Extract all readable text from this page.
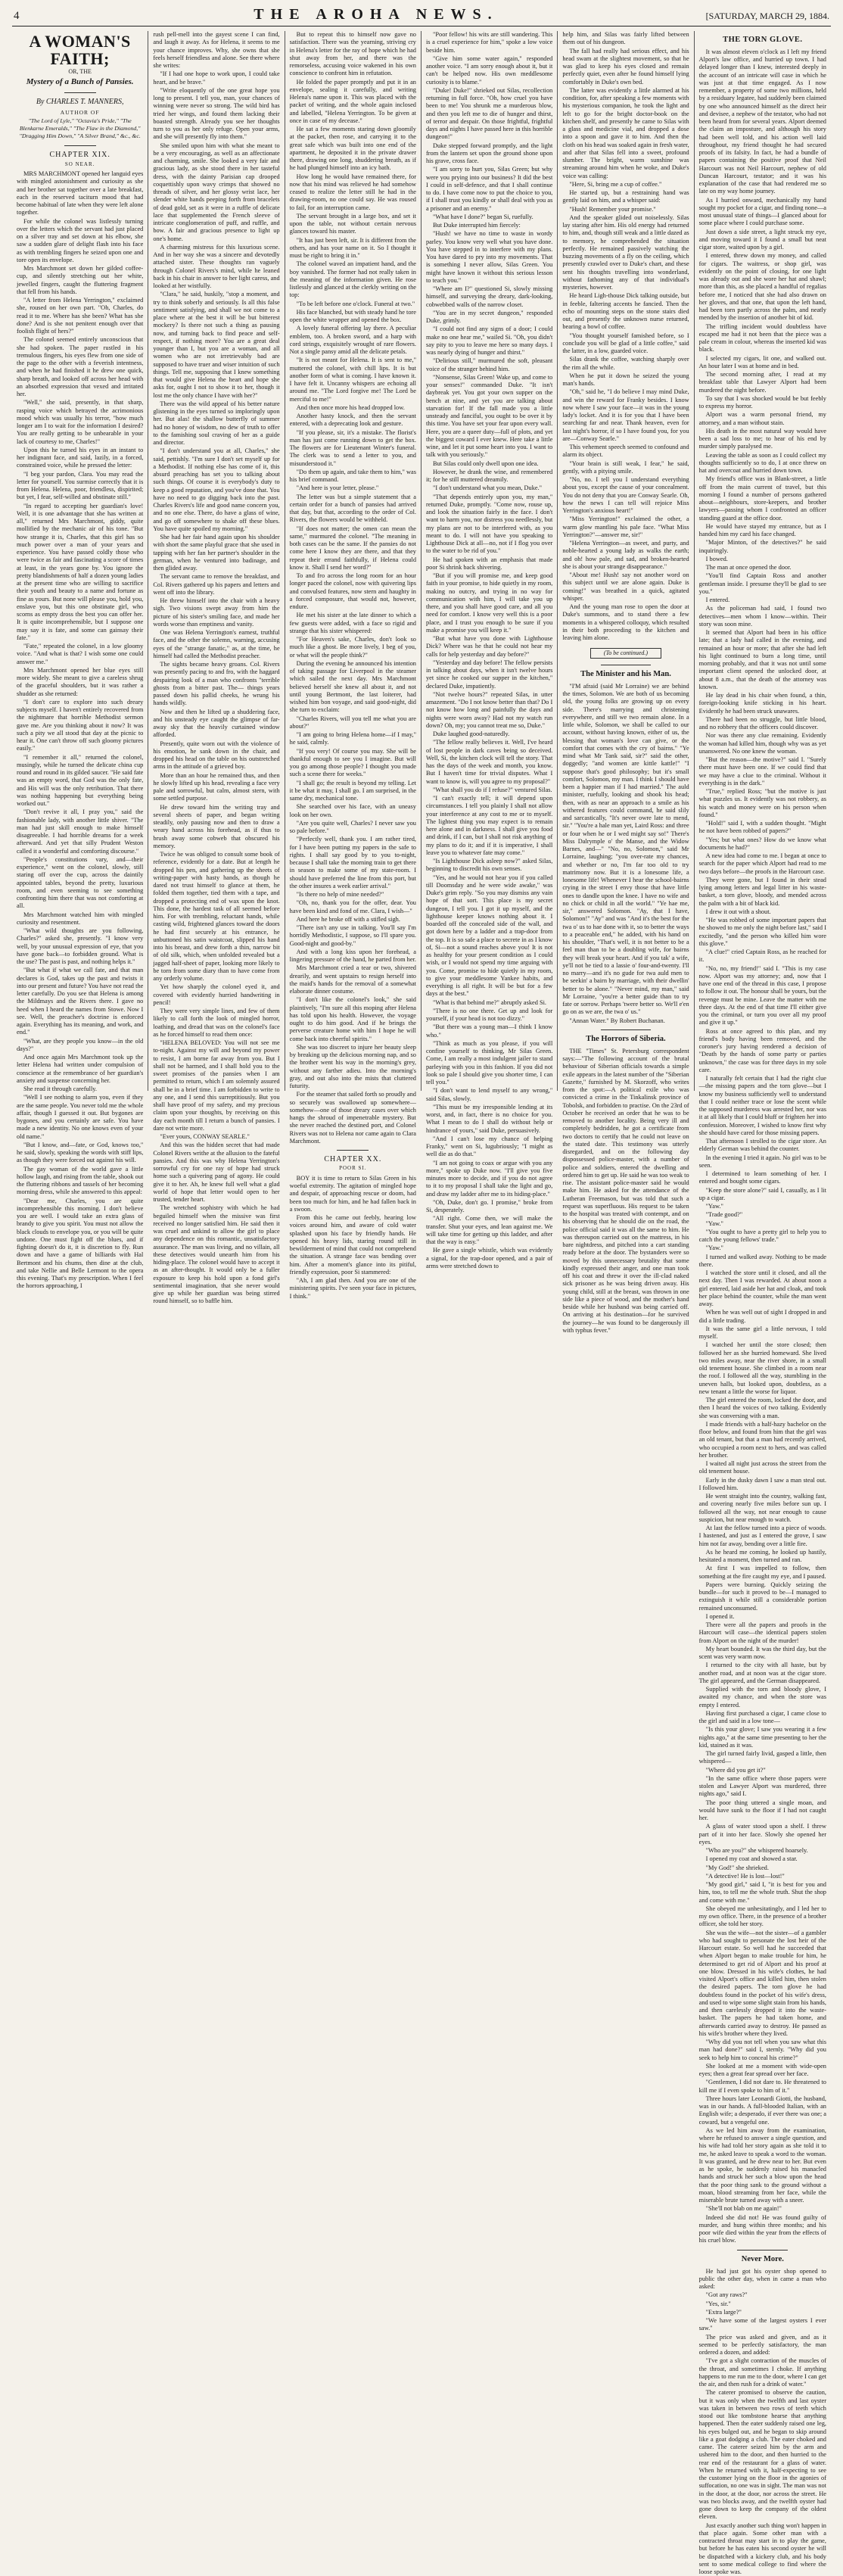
4	THE AROHA NEWS.	[SATURDAY, MARCH 29, 1884.
A WOMAN'S FAITH;
OR, THE
Mystery of a Bunch of Pansies.
By CHARLES T. MANNERS,
AUTHOR OF
"The Lord of Lyle," "Octavia's Pride," "The Blenkarne Emeralds," "The Flaw in the Diamond," "Dragging Him Down," "A Silver Brand," &c., &c.
CHAPTER XIX.
SO NEAR.

MRS MARCHMONT opened her languid eyes with mingled astonishment and curiosity as she and her brother sat together over a late breakfast, each in the reserved taciturn mood that had become habitual of late when they were left alone together.

For while the colonel was listlessly turning over the letters which the servant had just placed on a silver tray and set down at his elbow, she saw a sudden glare of delight flash into his face as with trembling fingers he seized upon one and tore open its envelope.

Mrs Marchmont set down her gilded coffee-cup, and silently stretching out her white, jewelled fingers, caught the fluttering fragment that fell from his hands.

"A letter from Helena Yerrington," exclaimed she, roused on her own part. "Oh, Charles, do read it to me. Where has she been? What has she done? And is she not penitent enough over that foolish flight of hers?"

The colonel seemed entirely unconscious that she had spoken. The paper rustled in his tremulous fingers, his eyes flew from one side of the page to the other with a feverish intentness, and when he had finished it he drew one quick, sharp breath, and looked off across her head with an absorbed expression that vexed and irritated her.

"Well," she said, presently, in that sharp, rasping voice which betrayed the acrimonious mood which was usually his terror, "how much longer am I to wait for the information I desired? You are really getting to be unbearable in your lack of courtesy to me, Charles!"

Upon this he turned his eyes in an instant to her indignant face, and said, lazily, in a forced, constrained voice, while he pressed the letter:

"I beg your pardon, Clara. You may read the letter for yourself. You surmise correctly that it is from Helena. Helena, poor, friendless, dispirited; but yet, I fear, self-willed and obstinate still."

"In regard to accepting her guardian's love! Well, it is one advantage that she has written at all," returned Mrs Marchmont, giddy, quite mollified by the mechanic air of his tone. "But how strange it is, Charles, that this girl has so much power over a man of your years and experience. You have passed coldly those who were twice as fair and fascinating a score of times at least, in the years gone by. You ignore the pretty blandishments of half a dozen young ladies at the present time who are willing to sacrifice their youth and beauty to a name and fortune as fine as yours. But none will please you, hold you, enslave you, but this one obstinate girl, who scorns as empty dross the best you can offer her. It is quite incomprehensible, but I suppose one may say it is fate, and some can gainsay their fate."

"Fate," repeated the colonel, in a low gloomy voice. "And what is that? I wish some one could answer me."

Mrs Marchmont opened her blue eyes still more widely. She meant to give a careless shrug of the graceful shoulders, but it was rather a shudder as she returned:

"I don't care to explore into such dreary subjects myself. I haven't entirely recovered from the nightmare that horrible Methodist sermon gave me. Are you thinking about it now? It was such a pity we all stood that day at the picnic to hear it. One can't throw off such gloomy pictures easily."

"I remember it all," returned the colonel, musingly, while he turned the delicate china cup round and round in its gilded saucer. "He said fate was an empty word, that God was the only fate, and His will was the only retribution. That there was nothing happening but everything being worked out."

"Don't revive it all, I pray you," said the fashionable lady, with another little shiver. "The man had just skill enough to make himself disagreeable. I had horrible dreams for a week afterward. And yet that silly Prudent Weston called it a wonderful and comforting discourse."

"People's constitutions vary, and—their experience," went on the colonel, slowly, still staring off over the cup, across the daintily appointed tables, beyond the pretty, luxurious room, and even seeming to see something confronting him there that was not comforting at all.

Mrs Marchmont watched him with mingled curiosity and resentment.

"What wild thoughts are you following, Charles?" asked she, presently. "I know very well, by your unusual expression of eye, that you have gone back—to forbidden ground. What is the use? The past is past, and nothing helps it."

"But what if what we call fate, and that man declares is God, takes up the past and twists it into our present and future? You have not read the letter carefully. Do you see that Helena is among the Mildmays and the Rivers there. I gave no heed when I heard the names from Stowe. Now I see. Well, the preacher's doctrine is enforced again. Everything has its meaning, and work, and end."

"What, are they people you know—in the old days?"

And once again Mrs Marchmont took up the letter Helena had written under compulsion of conscience at the remembrance of her guardian's anxiety and suspense concerning her.

She read it through carefully.

"Well I see nothing to alarm you, even if they are the same people. You never told me the whole affair, though I guessed it out. But bygones are bygones, and you certainly are safe. You have made a new identity. No one knows even of your old name."

"But I know, and—fate, or God, knows too," he said, slowly, speaking the words with stiff lips, as though they were forced out against his will.

The gay woman of the world gave a little hollow laugh, and rising from the table, shook out the fluttering ribbons and tassels of her becoming morning dress, while she answered to this appeal:

"Dear me, Charles, you are quite incomprehensible this morning. I don't believe you are well. I would take an extra glass of brandy to give you spirit. You must not allow the black clouds to envelope you, or you will be quite undone. One must fight off the blues, and if fighting doesn't do it, it is discretion to fly. Run down and have a game of billiards with Hal Bertmont and his chums, then dine at the club, and take Nellie and Belle Lermont to the opera this evening. That's my prescription. When I feel the horrors approaching, I

rush pell-mell into the gayest scene I can find, and laugh it away. As for Helena, it seems to me your chance improves. Why, she owns that she feels herself friendless and alone. See there where she writes:

"If I had one hope to work upon, I could take heart, and be brave."

"Write eloquently of the one great hope you long to present. I tell you, man, your chances of winning were never so strong. The wild bird has tried her wings, and found them lacking their boasted strength. Already you see her thoughts turn to you as her only refuge. Open your arms, and she will presently fly into them."

She smiled upon him with what she meant to be a very encouraging, as well as an affectionate and charming, smile. She looked a very fair and gracious lady, as she stood there in her tasteful dress, with the dainty Parisian cap drooped coquettishly upon wavy crimps that showed no threads of silver, and her glossy wrist lace, her slender white hands peeping forth from bracelets of dead gold, set as it were in a ruffle of delicate lace that supplemented the French sleeve of intricate conglomeration of puff, and ruffle, and bow. A fair and gracious presence to light up one's home.

A charming mistress for this luxurious scene. And in her way she was a sincere and devotedly attached sister. These thoughts ran vaguely through Colonel Rivers's mind, while he leaned back in his chair in answer to her light caress, and looked at her wistfully.

"Clara," he said, huskily, "stop a moment, and try to think soberly and seriously. Is all this false sentiment satisfying, and shall we not come to a place where at the best it will be but bitterest mockery? Is there not such a thing as pausing now, and turning back to find peace and self-respect, if nothing more? You are a great deal younger than I, but you are a woman, and all women who are not irretrievably bad are supposed to have truer and wiser intuition of such things. Tell me, supposing that I knew something that would give Helena the heart and hope she asks for, ought I not to show it to her, though it lost me the only chance I have with her?"

There was the wild appeal of his better nature glistening in the eyes turned so imploringly upon her. But alas! the shallow butterfly of summer had no honey of wisdom, no dew of truth to offer to the famishing soul craving of her as a guide and director.

"I don't understand you at all, Charles," she said, pettishly. "I'm sure I don't set myself up for a Methodist. If nothing else has come of it, this absurd preaching has set you to talking about such things. Of course it is everybody's duty to keep a good reputation, and you've done that. You have no need to go digging back into the past. Charles Rivers's life and good name concern you, and no one else. There, do have a glass of wine, and go off somewhere to shake off these blues. You have quite spoiled my morning."

She had her fair hand again upon his shoulder with short the same playful grace that she used in tapping with her fan her partner's shoulder in the german, when he ventured into badinage, and then glided away.

The servant came to remove the breakfast, and Col. Rivers gathered up his papers and letters and went off into the library.

He threw himself into the chair with a heavy sigh. Two visions swept away from him the picture of his sister's smiling face, and made her words worse than emptiness and vanity.

One was Helena Yerrington's earnest, truthful face, and the other the solemn, warning, accusing eyes of the "strange fanatic," as, at the time, he himself had called the Methodist preacher.

The sights became heavy groans. Col. Rivers was presently pacing to and fro, with the haggard despairing look of a man who confronts "terrible ghosts from a bitter past. The— things years passed down his pallid cheeks, he wrung his hands wildly.

Now and then he lifted up a shuddering face, and his unsteady eye caught the glimpse of far-away sky that the heavily curtained window afforded.

Presently, quite worn out with the violence of his emotion, he sank down in the chair, and dropped his head on the table on his outstretched arms in the attitude of a grieved boy.

More than an hour he remained thus, and then he slowly lifted up his head, revealing a face very pale and sorrowful, but calm, almost stern, with some settled purpose.

He drew toward him the writing tray and several sheets of paper, and began writing steadily, only pausing now and then to draw a weary hand across his forehead, as if thus to brush away some cobweb that obscured his memory.

Twice he was obliged to consult some book of reference, evidently for a date. But at length he dropped his pen, and gathering up the sheets of writing-paper with hasty hands, as though he dared not trust himself to glance at them, he folded them together, tied them with a tape, and dropped a protecting end of wax upon the knot. This done, the hardest task of all seemed before him. For with trembling, reluctant hands, while casting wild, frightened glances toward the doors he had first securely at his entrance, he unbuttoned his satin waistcoat, slipped his hand into his breast, and drew forth a thin, narrow bit of old silk, which, when unfolded revealed but a jagged half-sheet of paper, looking more likely to be torn from some diary than to have come from any orderly volume.

Yet how sharply the colonel eyed it, and covered with evidently hurried handwriting in pencil!

They were very simple lines, and few of them likely to call forth the look of mingled horror, loathing, and dread that was on the colonel's face as he forced himself to read them once:

"HELENA BELOVED: You will not see me to-night. Against my will and beyond my power to resist, I am borne far away from you. But I shall not be harmed, and I shall hold you to the sweet promises of the pansies when I am permitted to return, which I am solemnly assured shall be in a brief time. I am forbidden to write to any one, and I send this surreptitiously. But you shall have proof of my safety, and my precious claim upon your thoughts, by receiving on this day each month till I return a bunch of pansies. I dare not write more.

"Ever yours, CONWAY SEARLE."

And this was the hidden secret that had made Colonel Rivers writhe at the allusion to the fateful pansies. And this was why Helena Yerrington's sorrowful cry for one ray of hope had struck home such a quivering pang of agony. He could give it to her. Ah, he knew full well what a glad world of hope that letter would open to her trusted, tender heart.

The wretched sophistry with which he had beguiled himself when the missive was first received no longer satisfied him. He said then it was cruel and unkind to allow the girl to place any dependence on this romantic, unsatisfactory assurance. The man was living, and no villain, all these detectives would unearth him from his hiding-place. The colonel would have to accept it as an after-thought. It would only be a fuller exposure to keep his hold upon a fond girl's sentimental imagination, that she never would give up while her guardian was being stirred round himself, so to baffle him.

But to repeat this to himself now gave no satisfaction. There was the yearning, striving cry in Helena's letter for the ray of hope which he had shut away from her, and there was the remorseless, accusing voice wakened in his own conscience to confront him in refutation.

He folded the paper promptly and put it in an envelope, sealing it carefully, and writing Helena's name upon it. This was placed with the packet of writing, and the whole again inclosed and labelled, "Helena Yerrington. To be given at once in case of my decease."

He sat a few moments staring down gloomily at the packet, then rose, and carrying it to the great safe which was built into one end of the apartment, he deposited it in the private drawer there, drawing one long, shuddering breath, as if he had plunged himself into an icy bath.

How long he would have remained there, for now that his mind was relieved he had somehow ceased to realize the letter still he had in the drawing-room, no one could say. He was roused to fail, for an interruption came.

The servant brought in a large box, and set it upon the table, not without certain nervous glances toward his master.

"It has just been left, sir. It is different from the others, and has your name on it. So I thought it must be right to bring it in."

The colonel waved an impatient hand, and the boy vanished. The former had not really taken in the meaning of the information given. He rose listlessly and glanced at the clerkly writing on the top:

"To be left before one o'clock. Funeral at two."

His face blanched, but with steady hand he tore open the white wrapper and opened the box.

A lovely funeral offering lay there. A peculiar emblem, too. A broken sword, and a harp with cord strings, exquisitely wrought of rare flowers. Not a single pansy amid all the delicate petals.

"It is not meant for Helena. It is sent to me," muttered the colonel, with chill lips. It is but another form of what is coming. I have known it. I have felt it. Uncanny whispers are echoing all around me. "The Lord forgive me! The Lord be merciful to me!"

And then once more his head dropped low.

Another hasty knock, and then the servant entered, with a deprecating look and gesture.

"If you please, sir, it's a mistake. The florist's man has just come running down to get the box. The flowers are for Lieutenant Winter's funeral. The clerk was to send a letter to you, and misunderstood it."

"Do them up again, and take them to him," was his brief command.

"And here is your letter, please."

The letter was but a simple statement that a certain order for a bunch of pansies had arrived that day, but that, according to the order of Col. Rivers, the flowers would be withheld.

"If does not matter; the omen can mean the same," murmured the colonel. "The meaning in both cases can be the same. If the pansies do not come here I know they are there, and that they repeat their errand faithfully, if Helena could know it. Shall I send her word?"

To and fro across the long room for an hour longer paced the colonel, now with quivering lips and convulsed features, now stern and haughty in a forced composure, that would not, however, endure.

He met his sister at the late dinner to which a few guests were added, with a face so rigid and strange that his sister whispered:

"For Heaven's sake, Charles, don't look so much like a ghost. Be more lively, I beg of you, or what will the people think?"

During the evening he announced his intention of taking passage for Liverpool in the steamer which sailed the next day. Mrs Marchmont believed herself she knew all about it, and not until young Bertmont, the last loiterer, had wished him bon voyage, and said good-night, did she turn to exclaim:

"Charles Rivers, will you tell me what you are about?"

"I am going to bring Helena home—if I may," he said, calmly.

"If you very! Of course you may. She will be thankful enough to see you I imagine. But will you go among those people? I thought you made such a scene there for weeks."

"I shall go; the result is beyond my telling. Let it be what it may, I shall go. I am surprised, in the same dry, mechanical tone.

She searched over his face, with an uneasy look on her own.

"Are you quite well, Charles? I never saw you so pale before."

"Perfectly well, thank you. I am rather tired, for I have been putting my papers in the safe to rights. I shall say good by to you to-night, because I shall take the morning train to get there in season to make some of my state-room. I should have preferred the line from this port, but the other insures a week earlier arrival."

"Is there no help of mine needed?"

"Oh, no, thank you for the offer, dear. You have been kind and fond of me. Clara, I wish—"

And here he broke off with a stifled sigh.

"There isn't any use in talking. You'll say I'm horridly Methodistic, I suppose, so I'll spare you. Good-night and good-by."

And with a long kiss upon her forehead, a lingering pressure of the hand, he parted from her.

Mrs Marchmont cried a tear or two, shivered drearily, and went upstairs to resign herself into the maid's hands for the removal of a somewhat elaborate dinner costume.

"I don't like the colonel's look," she said plaintively, "I'm sure all this moping after Helena has told upon his health. However, the voyage ought to do him good. And if he brings the perverse creature home with him I hope he will come back into cheerful spirits."

She was too discreet to injure her beauty sleep by breaking up the delicious morning nap, and so the brother went his way in the morning's grey, without any farther adieu. Into the morning's gray, and out also into the mists that cluttered futurity.

For the steamer that sailed forth so proudly and so securely was swallowed up somewhere—somehow—one of those dreary cases over which hangs the shroud of impenetrable mystery. But she never reached the destined port, and Colonel Rivers was not to Helena nor came again to Clara Marchmont.

CHAPTER XX.
POOR SI.

BOY it is time to return to Silas Green in his woeful extremity. The agitation of mingled hope and despair, of approaching rescue or doom, had been too much for him, and he had fallen back in a swoon.

From this he came out feebly, hearing low voices around him, and aware of cold water splashed upon his face by friendly hands. He opened his heavy lids, staring round still in bewilderment of mind that could not comprehend the situation. A strange face was bending over him. After a moment's glance into its pitiful, friendly expression, poor Si stammered:

"Ah, I am glad then. And you are one of the ministering spirits. I've seen your face in pictures, I think."

"Poor fellow! his wits are still wandering. This is a cruel experience for him," spoke a low voice beside him.

"Give him some water again," responded another voice. "I am sorry enough about it, but it can't be helped now. His own meddlesome curiosity is to blame."

"Duke! Duke!" shrieked out Silas, recollection returning in full force. "Oh, how cruel you have been to me! You shrunk me a murderous blow, and then you left me to die of hunger and thirst, of terror and despair. On those frightful, frightful days and nights I have passed here in this horrible dungeon!"

Duke stepped forward promptly, and the light from the lantern set upon the ground shone upon his grave, cross face.

"I am sorry to hurt you, Silas Green; but why were you prying into our business? It did the best I could in self-defence, and that I shall continue to do. I have come now to put the choice to you, if I shall trust you kindly or shall deal with you as a prisoner and an enemy."

"What have I done?" began Si, ruefully.

But Duke interrupted him fiercely:

"Hush! we have no time to waste in wordy parley. You know very well what you have done. You have stepped in to interfere with my plans. You have dared to pry into my movements. That is something I never allow, Silas Green. You might have known it without this serious lesson to teach you."

"Where am I?" questioned Si, slowly missing himself, and surveying the dreary, dark-looking, cobwebbed walls of the narrow closet.

"You are in my secret dungeon," responded Duke, grimly.

"I could not find any signs of a door; I could make no one hear me," wailed Si. "Oh, you didn't say pity to you to leave me here so many days. I was nearly dying of hunger and thirst."

"Delirious still," murmured the soft, pleasant voice of the stranger behind him.

"Nonsense, Silas Green! Wake up, and come to your senses!" commanded Duke. "It isn't daybreak yet. You got your own supper on the bench at nine, and yet you are talking about starvation for! If the fall made you a little unsteady and fanciful, you ought to be over it by this time. You have set your fear upon every wall. Here, you are a queer duty—full of plots, and yet the biggest coward I ever knew. Here take a little wine, and let it put some heart into you. I want to talk with you seriously."

But Silas could only dwell upon one idea.

However, he drank the wine, and remembered it; for he still muttered dreamily.

"I don't understand what you mean, Duke."

"That depends entirely upon you, my man," returned Duke, promptly. "Come now, rouse up, and look the situation fairly in the face. I don't want to harm you, nor distress you needlessly, but my plans are not to be interfered with, as you meant to do. I will not have you speaking to Lighthouse Dick at all—no, not if I flog you over to the water to be rid of you."

He had spoken with an emphasis that made poor Si shrink back shivering.

"But if you will promise me, and keep good faith in your promise, to hide quietly in my room, making no outcry, and trying in no way for communication with him, I will take you up there, and you shall have good care, and all you need for comfort. I know very well this is a poor place, and I trust you enough to be sure if you make a promise you will keep it."

"But what have you done with Lighthouse Dick? Where was he that he could not hear my calls for help yesterday and day before?"

"Yesterday and day before! The fellow persists in talking about days, when it isn't twelve hours yet since he cooked our supper in the kitchen," declared Duke, impatiently.

"Not twelve hours?" repeated Silas, in utter amazement. "Do I not know better than that? Do I not know how long and painfully the days and nights were worn away? Had not my watch run down? Oh, my; you cannot treat me so, Duke."

Duke laughed good-naturedly.

"The fellow really believes it. Well, I've heard of lost people in dark caves being so deceived. Well, Si, the kitchen clock will tell the story. That has the days of the week and month, you know. But I haven't time for trivial disputes. What I want to know is, will you agree to my proposal?"

"What shall you do if I refuse?" ventured Silas.

"I can't exactly tell; it will depend upon circumstances. I tell you plainly I shall not allow your interference at any cost to me or to myself. The lightest thing you may expect is to remain here alone and in darkness. I shall give you food and drink, if I can, but I shall not risk anything of my plans to do it; and if it is imperative, I shall leave you to whatever fate may come."

"Is Lighthouse Dick asleep now?" asked Silas, beginning to discredit his own senses.

"Yes, and he would not hear you if you called till Doomsday and he were wide awake," was Duke's grim reply. "So you may dismiss any vain hope of that sort. This place is my secret dungeon, I tell you. I got it up myself, and the lighthouse keeper knows nothing about it. I boarded off the concealed side of the wall, and got down here by a ladder and a trap-door from the top. It is so safe a place to secrete in as I know of, Si—not a sound reaches above you! It is not as healthy for your present condition as I could wish, or I would not spend my time arguing with you. Come, promise to hide quietly in my room, to give your meddlesome Yankee habits, and everything is all right. It will be but for a few days at the best."

"What is that behind me?" abruptly asked Si.

"There is no one there. Get up and look for yourself, if your head is not too dizzy."

"But there was a young man—I think I know who."

"Think as much as you please, if you will confine yourself to thinking, Mr Silas Green. Come, I am really a most indulgent jailer to stand parleying with you in this fashion. If you did not look so pale I should give you shorter time, I can tell you."

"I don't want to lend myself to any wrong," said Silas, slowly.

"This must be my irresponsible lending at its worst, and, in fact, there is no choice for you. What I mean to do I shall do without help or hindrance of yours," said Duke, persuasively.

"And I can't lose my chance of helping Franky," went on Si, lugubriously; "I might as well die as do that."

"I am not going to coax or argue with you any more," spoke up Duke now. "I'll give you five minutes more to decide, and if you do not agree to it to my proposal I shall take the light and go, and draw my ladder after me to its hiding-place."

"Oh, Duke, don't go. I promise," broke from Si, desperately.

"All right. Come then, we will make the transfer. Shut your eyes, and lean against me. We will take time for getting up this ladder, and after that the way is easy."

He gave a single whistle, which was evidently a signal, for the trap-door opened, and a pair of arms were stretched down to

help him, and Silas was fairly lifted between them out of his dungeon.

The fall had really had serious effect, and his head swam at the slightest movement, so that he was glad to keep his eyes closed and remain perfectly quiet, even after he found himself lying comfortably in Duke's own bed.

The latter was evidently a little alarmed at his condition, for, after speaking a few moments with his mysterious companion, he took the light and left to go for the bright doctor-book on the kitchen shelf, and presently he came to Silas with a glass and medicine vial, and dropped a dose into a spoon and gave it to him. And then the cloth on his head was soaked again in fresh water, and after that Silas fell into a sweet, profound slumber. The bright, warm sunshine was streaming around him when he woke, and Duke's voice was calling:

"Here, Si, bring me a cup of coffee."

He started up, but a restraining hand was gently laid on him, and a whisper said:

"Hush! Remember your promise."

And the speaker glided out noiselessly. Silas lay staring after him. His old energy had returned to him, and, though still weak and a little dazed as to memory, he comprehended the situation perfectly. He remained passively watching the buzzing movements of a fly on the ceiling, which presently crawled over to Duke's chart, and these sent his thoughts travelling into wonderland, without fathoming any of that individual's mysteries, however.

He heard Ligh-thouse Dick talking outside, but in feeble, faltering accents he fancied. Then the echo of mounting steps on the stone stairs died out, and presently the unknown nurse returned, bearing a bowl of coffee.

"You thought yourself famished before, so I conclude you will be glad of a little coffee," said the latter, in a low, guarded voice.

Silas drank the coffee, watching sharply over the rim all the while.

When he put it down he seized the young man's hands.

"Oh," said he, "I do believe I may mind Duke, and win the reward for Franky besides. I know now where I saw your face—it was in the young lady's locket. And it is for you that I have been searching far and near. Thank heaven, even for last night's horror, if so I have found you, for you are—Conway Searle."

This vehement speech seemed to confound and alarm its object.

"Your brain is still weak, I fear," he said, gently, with a pitying smile.

"No, no. I tell you I understand everything about you, except the cause of your concealment. You do not deny that you are Conway Searle. Oh, how the news I can tell will rejoice Miss Yerrington's anxious heart!"

"Miss Yerrington!" exclaimed the other, a warm glow mantling his pale face. "What Miss Yerrington?"—answer me, sir!"

"Helena Yerrington—as sweet, and purty, and noble-hearted a young lady as walks the earth; and oh! how pale, and sad, and broken-hearted she is about your strange disappearance."

"About me! Hush! say not another word on this subject until we are alone again. Duke is coming!" was breathed in a quick, agitated whisper.

And the young man rose to open the door at Duke's summons, and to stand there a few moments in a whispered colloquy, which resulted in their both proceeding to the kitchen and leaving him alone.

(To be continued.)
The Minister and his Man.

"I'M afraid (said Mr Lorraine) we are behind the times, Solomon. We are both of us becoming old, the young folks are growing up on every side. There's marrying and christening everywhere, and still we two remain alone. In a little while, Solomon, we shall be called to our account, without having known, either of us, the blessing that woman's love can give, or the comfort that comes with the cry of bairns." "Ye mind what Mr Tank said, sir?" said the other, doggedly; "and women are kittle kattle!" "I suppose that's good philosophy; but it's small comfort, Solomon, my man. I think I should have been a happier man if I had married." The auld minister, ruefully, looking and shook his head; then, with as near an approach to a smile as his withered features could command, he said slily and sarcastically, "It's never owre late to mend, sir." "You're a hale man yet, Laird Ross: and three or four when he or I wed might say so!" There's Miss Dalrymple o' the Manse, and the Widow Barnes, and—" "No, no, Solomon," said Mr Lorraine, laughing; "you over-rate my chances, and whether or no, I'm far too old to try matrimony now. But it is a lonesome life, a lonesome life! Whenever I hear the school-bairns crying in the street I envy those that have little ones to dandle upon the knee. I have no wife and no chick or child in all the world." "Ye hae me, sir," answered Solomon. "Ay, that I have, Solomon!" "Ay" and was "And it's the best for the twa o' us to hae done with it, so to better the ways to a peaceable end," he added, with his hand on his shoulder, "That's well, it is not better to be a feel man than to be a doubling wife, for bairns they will break your heart. And if you tak' a wife, ye'll not be tied to a lassie o' four-and-twenty. I'll no marry—and it's no gude for twa auld men to be seekin' a bairn by marriage, with their dwellin' better to be alone." "Never mind, my man," said Mr Lorraine, "you're a better guide than to try fate or sorrow. Perhaps 'twere better so. We'll e'en go on as we are, the twa o' us."

"Annan Water." By Robert Buchanan.

The Horrors of Siberia.

THE "Times" St. Petersburg correspondent says:—"The following account of the brutal behaviour of Siberian officials towards a simple exile appears in the latest number of the "Siberian Gazette," furnished by M. Skorzoff, who writes from the spot:—A political exile who was convicted a crime in the Tinkalinsk province of Tobolsk, and forbidden to practise. On the 23rd of October he received an order that he was to be removed to another locality. Being very ill and completely bedridden, he got a certificate from two doctors to certify that he could not leave on the stated date. This testimony was utterly disregarded, and on the following day dispossessed police-master, with a number of police and soldiers, entered the dwelling and ordered him to get up. He said he was too weak to rise. The assistant police-master said he would make him. He asked for the attendance of the Lutheran Freemason, but was told that such a request was superfluous. His request to be taken to the hospital was treated with contempt, and on his observing that he should die on the road, the police official said it was all the same to him. He was thereupon carried out on the mattress, in his bare nightdress, and pitched into a cart standing ready before at the door. The bystanders were so moved by this unnecessary brutality that some kindly expressed their anger, and one man took off his coat and threw it over the ill-clad naked sick prisoner as he was being driven away. His young child, still at the breast, was thrown in one side like a piece of wood, and the mother's hand beside while her husband was being carried off. On arriving at his destination—for he survived the journey—he was found to be dangerously ill with typhus fever."

THE TORN GLOVE.

It was almost eleven o'clock as I left my friend Alport's law office, and hurried up town. I had delayed longer than I knew, interested deeply in the account of an intricate will case in which he was just at that time engaged. As I now remember, a property of some two millions, held by a residuary legatee, had suddenly been claimed by one who announced himself as the direct heir and devisee, a nephew of the testator, who had not been heard from for several years. Alport deemed the claim an imposture, and although his story had been well told, and his action well laid throughout, my friend thought he had secured proofs of its falsity. In fact, he had a bundle of papers containing the positive proof that Neil Harcourt was not Neil Harcourt, nephew of old Duncan Harcourt, testator; and it was his explanation of the case that had rendered me so late on my way home journey.

As I hurried onward, mechanically my hand sought my pocket for a cigar, and finding none—a most unusual state of things—I glanced about for some place where I could purchase some.

Just down a side street, a light struck my eye, and moving toward it I found a small but neat cigar store, waited upon by a girl.

I entered, threw down my money, and called for cigars. The waitress, or shop girl, was evidently on the point of closing, for one light was already out and she wore her hat and shawl; more than this, as she placed a handful of regalias before me, I noticed that she had also drawn on her gloves, and that one, that upon the left hand, had been torn partly across the palm, and neatly mended by the insertion of another bit of kid.

The trifling incident would doubtless have escaped me had it not been that the piece was a pale cream in colour, whereas the inserted kid was black.

I selected my cigars, lit one, and walked out. An hour later I was at home and in bed.

The second morning after, I read at my breakfast table that Lawyer Alport had been murdered the night before.

To say that I was shocked would be but feebly to express my horror.

Alport was a warm personal friend, my attorney, and a man without stain.

His death in the most natural way would have been a sad loss to me; to hear of his end by murder simply paralysed me.

Leaving the table as soon as I could collect my thoughts sufficiently so to do, I at once threw on hat and overcoat and hurried down town.

My friend's office was in Blank-street, a little off from the main current of travel, but this morning I found a number of persons gathered about—neighbours, store-keepers, and brother lawyers—passing whom I confronted an officer standing guard at the office door.

He would have stayed my entrance, but as I handed him my card his face changed.

"Major Minton, of the detectives?" he said inquiringly.

I bowed.

The man at once opened the door.

"You'll find Captain Ross and another gentleman inside. I presume they'll be glad to see you."

I entered.

As the policeman had said, I found two detectives—men whom I know—within. Their story was soon mine.

It seemed that Alport had been in his office late; that a lady had called in the evening, and remained an hour or more; that after she had left his light continued to burn a long time, until morning probably, and that it was not until some important client opened the unlocked door, at about 8 a.m., that the death of the attorney was known.

He lay dead in his chair when found, a thin, foreign-looking knife sticking in his heart. Evidently he had been struck unawares.

There had been no struggle, but little blood, and no robbery that the officers could discover.

Nor was there any clue remaining. Evidently the woman had killed him, though why was as yet unanswered. No one knew the woman.

"But the reason—the motive?" said I. "Surely there must have been one. If we could find that we may have a clue to the criminal. Without it everything is in the dark."

"True," replied Ross; "but the motive is just what puzzles us. It evidently was not robbery, as his watch and money were on his person when found."

"Hold!" said I, with a sudden thought. "Might he not have been robbed of papers?"

"Yes; but what ones? How do we know what documents he had?"

A new idea had come to me. I began at once to search for the paper which Alport had read to me two days before—the proofs in the Harcourt case.

They were gone, but I found in their stead lying among letters and legal litter in his waste-basket, a torn glove, bloody, and mended across the palm with a bit of black kid.

I drew it out with a shout.

"He was robbed of some important papers that he showed to me only the night before last," said I excitedly, "and the person who killed him wore this glove."

"A clue!" cried Captain Ross, as he reached for it.

"No, no, my friend!" said I. "This is my case now. Alport was my attorney; and, now that I have one end of the thread in this case, I propose to follow it out. The honour shall be yours, but the revenge must be mine. Leave the matter with me three days. At the end of that time I'll either give you the criminal, or turn you over all my proof and give it up."

Ross at once agreed to this plan, and my friend's body having been removed, and the coroner's jury having rendered a decision of "Death by the hands of some party or parties unknown," the case was for three days in my sole care.

I naturally felt certain that I had the right clue—the missing papers and the torn glove—but I know my business sufficiently well to understand that I could neither trace or lose the scent while the supposed murderess was arrested her, nor was it at all likely that I could bluff or frighten her into confession. Moreover, I wished to know first why she should have cared for those missing papers.

That afternoon I strolled to the cigar store. An elderly German was behind the counter.

In the evening I tried it again. No girl was to be seen.

I determined to learn something of her. I entered and bought some cigars.

"Keep the store alone?" said I, casually, as I lit up a cigar.

"Yaw."

"Trade good?"

"Yaw."

"You ought to have a pretty girl to help you to catch the young fellows' trade."

"Yaw."

I turned and walked away. Nothing to be made there.

I watched the store until it closed, and all the next day. Then I was rewarded. At about noon a girl entered, laid aside her hat and cloak, and took her place behind the counter, while the man went away.

When he was well out of sight I dropped in and did a little trading.

It was the same girl a little nervous, I told myself.

I watched her until the store closed; then followed her as she hurried homeward. She lived two miles away, near the river shore, in a small old tenement house. She climbed in a room near the roof. I followed all the way, stumbling in the uneven halls, but looked upon, doubtless, as a new tenant a little the worse for liquor.

The girl entered the room, locked the door, and then I heard the voices of two talking. Evidently she was conversing with a man.

I made friends with a half-hazy bachelor on the floor below, and found from him that the girl was an old tenant, but that a man had recently arrived, who occupied a room next to hers, and was called her brother.

I waited all night just across the street from the old tenement house.

Early in the dusky dawn I saw a man steal out. I followed him.

He went straight into the country, walking fast, and covering nearly five miles before sun up. I followed all the way, not near enough to cause suspicion, but near enough to watch.

At last the fellow turned into a piece of woods. I hastened, and just as I entered the grove, I saw him not far away, bending over a little fire.

As he heard me coming, he looked up hastily, hesitated a moment, then turned and ran.

At first I was impelled to follow, then something at the fire caught my eye, and I paused.

Papers were burning. Quickly seizing the bundle—for such it proved to be—I managed to extinguish it while still a considerable portion remained unconsumed.

I opened it.

There were all the papers and proofs in the Harcourt will case—the identical papers stolen from Alport on the night of the murder!

My heart bounded. It was the third day, but the scent was very warm now.

I returned to the city with all haste, but by another road, and at noon was at the cigar store. The girl appeared, and the German disappeared.

Supplied with the torn and bloody glove, I awaited my chance, and when the store was empty I entered.

Having first purchased a cigar, I came close to the girl and said in a low tone—

"Is this your glove; I saw you wearing it a few nights ago," at the same time presenting to her the kid, stained as it was.

The girl turned fairly livid, gasped a little, then whispered—

"Where did you get it?"

"In the same office where those papers were stolen and Lawyer Alport was murdered, three nights ago," said I.

The poor thing uttered a single moan, and would have sunk to the floor if I had not caught her.

A glass of water stood upon a shelf. I threw part of it into her face. Slowly she opened her eyes.

"Who are you?" she whispered hoarsely.

I opened my coat and showed a star.

"My God!" she shrieked.

"A detective! He is lost—lost!"

"My good girl," said I, "it is best for you and him, too, to tell me the whole truth. Shut the shop and come with me."

She obeyed me unhesitatingly, and I led her to my own office. There, in the presence of a brother officer, she told her story.

She was the wife—not the sister—of a gambler who had sought to personate the lost heir of the Harcourt estate. So well had he succeeded that when Alport began to make trouble for him, he determined to get rid of Alport and his proof at one blow. Dressed in his wife's clothes, he had visited Alport's office and killed him, then stolen the desired papers. The torn glove he had doubtless found in the pocket of his wife's dress, and used to wipe some slight stain from his hands, and then carelessly dropped it into the waste-basket. The papers he had taken home, and afterwards carried away to destroy. He passed as his wife's brother where they lived.

"Why did you not tell when you saw what this man had done?" said I, sternly. "Why did you seek to help him to conceal his crime?"

She looked at me a moment with wide-open eyes; then a great fear spread over her face.

"Gentlemen, I did not dare to. He threatened to kill me if I even spoke to him of it."

Three hours later Leonardi Giotti, the husband, was in our hands. A full-blooded Italian, with an English wife; a desperado, if ever there was one; a coward, but a vengeful one.

As we led him away from the examination, where he refused to answer a single question, and his wife had told her story again as she told it to me, he asked leave to speak a word to the woman. It was granted, and he drew near to her. But even as he spoke, he suddenly raised his manacled hands and struck her such a blow upon the head that the poor thing sank to the ground without a moan, blood streaming from her face, while the miserable brute turned away with a sneer.

"She'll not blab on me again!"

Indeed she did not! He was found guilty of murder, and hung within three months; and his poor wife died within the year from the effects of his cruel blow.

Never More.

He had just got his oyster shop opened to public the other day, when in came a man who asked:

"Got any raws?"

"Yes, sir."

"Extra large?"

"We have some of the largest oysters I ever saw."

The price was asked and given, and as it seemed to be perfectly satisfactory, the man ordered a dozen, and added:

"I've got a slight contraction of the muscles of the throat, and sometimes I choke. If anything happens to me run me to the door, where I can get the air, and then rush for a drink of water."

The caterer promised to observe the caution, but it was only when the twelfth and last oyster was taken in between two rows of teeth which stood out like tombstone hearse that anything happened. Then the eater suddenly raised one leg, his eyes bulged out, and he began to skip around like a goat dodging a club. The eater choked and came. The caterer seized him by the arm and ushered him to the door, and then hurried to the rear end of the restaurant for a glass of water. When he returned with it, half-expecting to see the customer lying on the floor in the agonies of suffocation, no one was in sight. The man was not in the door, at the door, nor across the street. He was two blocks away, and the twelfth oyster had gone down to keep the company of the oldest eleven.

Just exactly another such thing won't happen in that place again. Some other man with a contracted throat may start in to play the game, but before he has eaten his second oyster he will be dispatched with a kickery club, and his body sent to some medical college to find where the loose spoke was.
